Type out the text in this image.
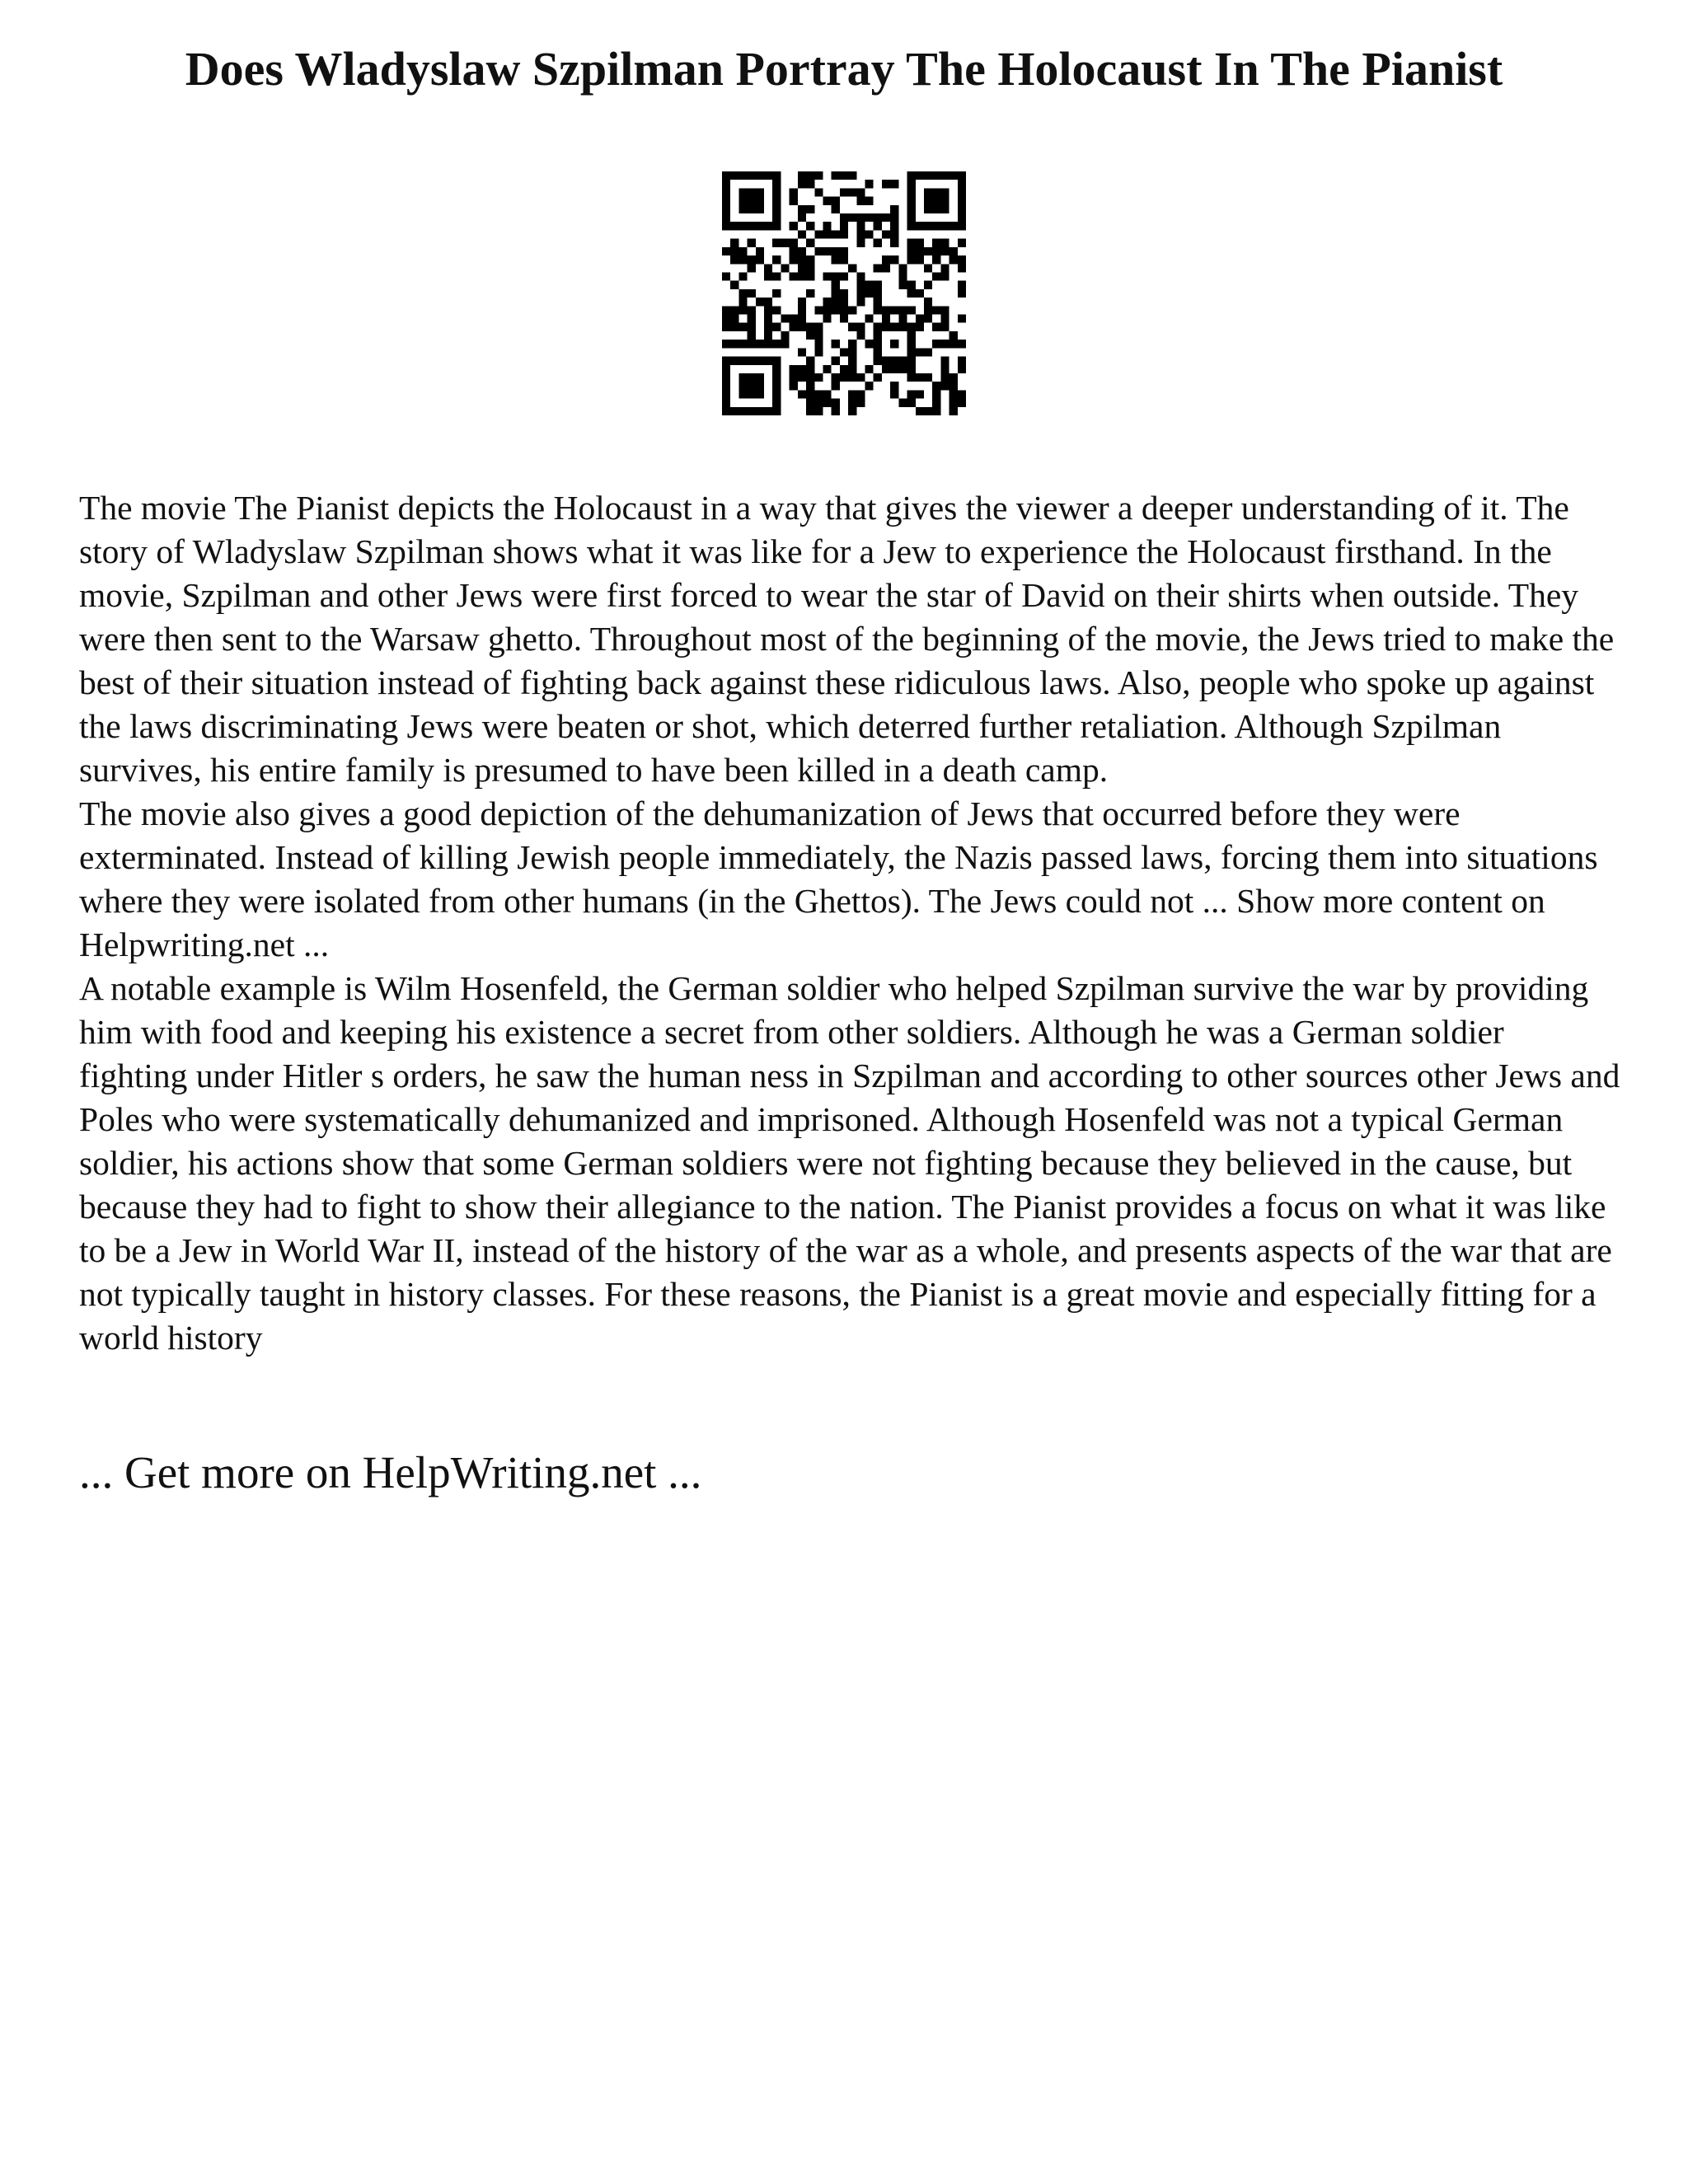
Does Wladyslaw Szpilman Portray The Holocaust In The Pianist

The movie The Pianist depicts the Holocaust in a way that gives the viewer a deeper understanding of it. The story of Wladyslaw Szpilman shows what it was like for a Jew to experience the Holocaust firsthand. In the movie, Szpilman and other Jews were first forced to wear the star of David on their shirts when outside. They were then sent to the Warsaw ghetto. Throughout most of the beginning of the movie, the Jews tried to make the best of their situation instead of fighting back against these ridiculous laws. Also, people who spoke up against the laws discriminating Jews were beaten or shot, which deterred further retaliation. Although Szpilman survives, his entire family is presumed to have been killed in a death camp.

The movie also gives a good depiction of the dehumanization of Jews that occurred before they were exterminated. Instead of killing Jewish people immediately, the Nazis passed laws, forcing them into situations where they were isolated from other humans (in the Ghettos). The Jews could not ... Show more content on Helpwriting.net ...

A notable example is Wilm Hosenfeld, the German soldier who helped Szpilman survive the war by providing him with food and keeping his existence a secret from other soldiers. Although he was a German soldier fighting under Hitler s orders, he saw the human ness in Szpilman and according to other sources other Jews and Poles who were systematically dehumanized and imprisoned. Although Hosenfeld was not a typical German soldier, his actions show that some German soldiers were not fighting because they believed in the cause, but because they had to fight to show their allegiance to the nation. The Pianist provides a focus on what it was like to be a Jew in World War II, instead of the history of the war as a whole, and presents aspects of the war that are not typically taught in history classes. For these reasons, the Pianist is a great movie and especially fitting for a world history

... Get more on HelpWriting.net ...
